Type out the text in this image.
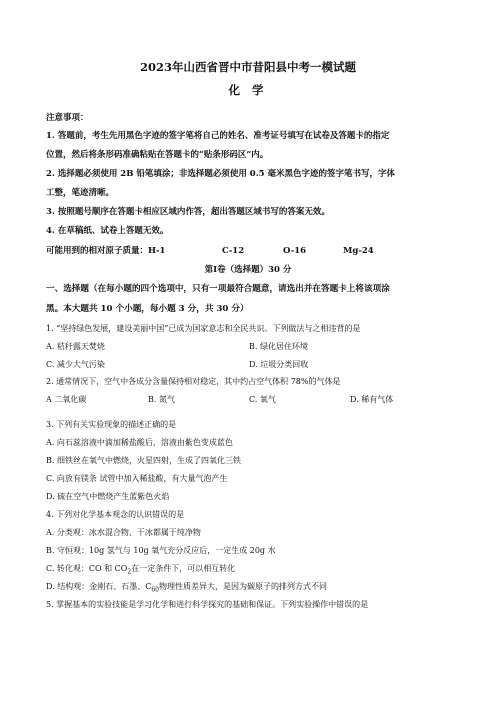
2023年山西省晋中市昔阳县中考一模试题
化 学
注意事项：
1. 答题前，考生先用黑色字迹的签字笔将自己的姓名、准考证号填写在试卷及答题卡的指定
位置，然后将条形码准确粘贴在答题卡的“贴条形码区”内。
2. 选择题必须使用 2B 铅笔填涂；非选择题必须使用 0.5 毫米黑色字迹的签字笔书写，字体
工整，笔迹清晰。
3. 按照题号顺序在答题卡相应区域内作答，超出答题区域书写的答案无效。
4. 在草稿纸、试卷上答题无效。
可能用到的相对原子质量：H-1	C-12	O-16	Mg-24
第Ⅰ卷（选择题）30 分
一、选择题（在每小题的四个选项中，只有一项最符合题意，请选出并在答题卡上将该项涂
黑。本大题共 10 个小题，每小题 3 分，共 30 分）
1. “坚持绿色发展，建设美丽中国”已成为国家意志和全民共识。下列做法与之相违背的是
A. 秸秆露天焚烧	B. 绿化居住环境
C. 减少大气污染	D. 垃圾分类回收
2. 通常情况下，空气中各成分含量保持相对稳定，其中约占空气体积 78%的气体是
A 二氧化碳	B. 氮气	C. 氧气	D. 稀有气体
3. 下列有关实验现象的描述正确的是
A. 向石蕊溶液中滴加稀盐酸后，溶液由紫色变成蓝色
B. 细铁丝在氧气中燃烧，火星四射，生成了四氧化三铁
C. 向放有镁条 试管中加入稀盐酸，有大量气泡产生
D. 硫在空气中燃烧产生蓝紫色火焰
4. 下列对化学基本观念的认识错误的是
A. 分类观：冰水混合物、干冰都属于纯净物
B. 守恒观：10g 氢气与 10g 氧气充分反应后，一定生成 20g 水
C. 转化观：CO 和 $CO_2$在一定条件下，可以相互转化
D. 结构观：金刚石、石墨、$C_{60}$物理性质差异大，是因为碳原子的排列方式不同
5. 掌握基本的实验技能是学习化学和进行科学探究的基础和保证。下列实验操作中错误的是
